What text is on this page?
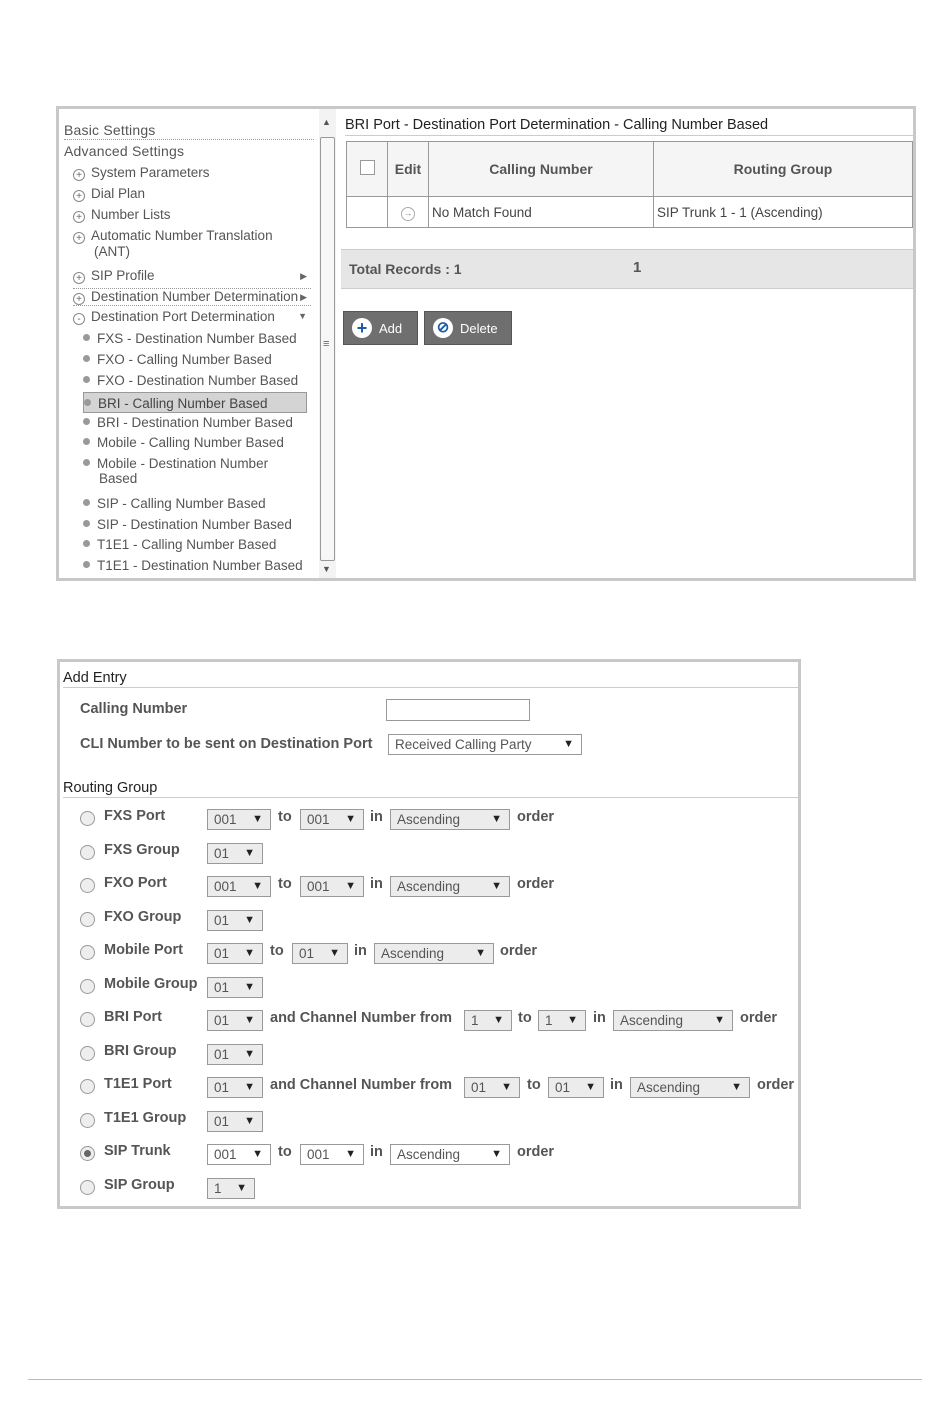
Basic Settings
Advanced Settings
+ System Parameters
+ Dial Plan
+ Number Lists
+ Automatic Number Translation
(ANT)
+ SIP Profile	▶
+ Destination Number Determination ▶
- Destination Port Determination	▼
FXS - Destination Number Based
FXO - Calling Number Based
FXO - Destination Number Based
BRI - Calling Number Based
BRI - Destination Number Based
Mobile - Calling Number Based
Mobile - Destination Number
Based
SIP - Calling Number Based
SIP - Destination Number Based
T1E1 - Calling Number Based
T1E1 - Destination Number Based
▲
≡
▼
BRI Port - Destination Port Determination - Calling Number Based
	Edit	Calling Number	Routing Group
	→	No Match Found	SIP Trunk 1 - 1 (Ascending)
Total Records : 1	1
+ Add ⊘ Delete
Add Entry
Calling Number
CLI Number to be sent on Destination Port	Received Calling Party	▼
Routing Group
FXS Port	001 ▼ to	001 ▼ in	Ascending	▼ order
FXS Group	01 ▼
FXO Port	001 ▼ to	001 ▼ in	Ascending	▼ order
FXO Group	01 ▼
Mobile Port	01 ▼ to	01 ▼ in	Ascending	▼ order
Mobile Group	01 ▼
BRI Port	01 ▼ and Channel Number from	1 ▼ to 1 ▼ in	Ascending	▼ order
BRI Group	01 ▼
T1E1 Port	01 ▼ and Channel Number from	01 ▼ to	01 ▼ in	Ascending	▼ order
T1E1 Group	01 ▼
SIP Trunk	001 ▼ to	001 ▼ in	Ascending	▼ order
SIP Group	1 ▼
